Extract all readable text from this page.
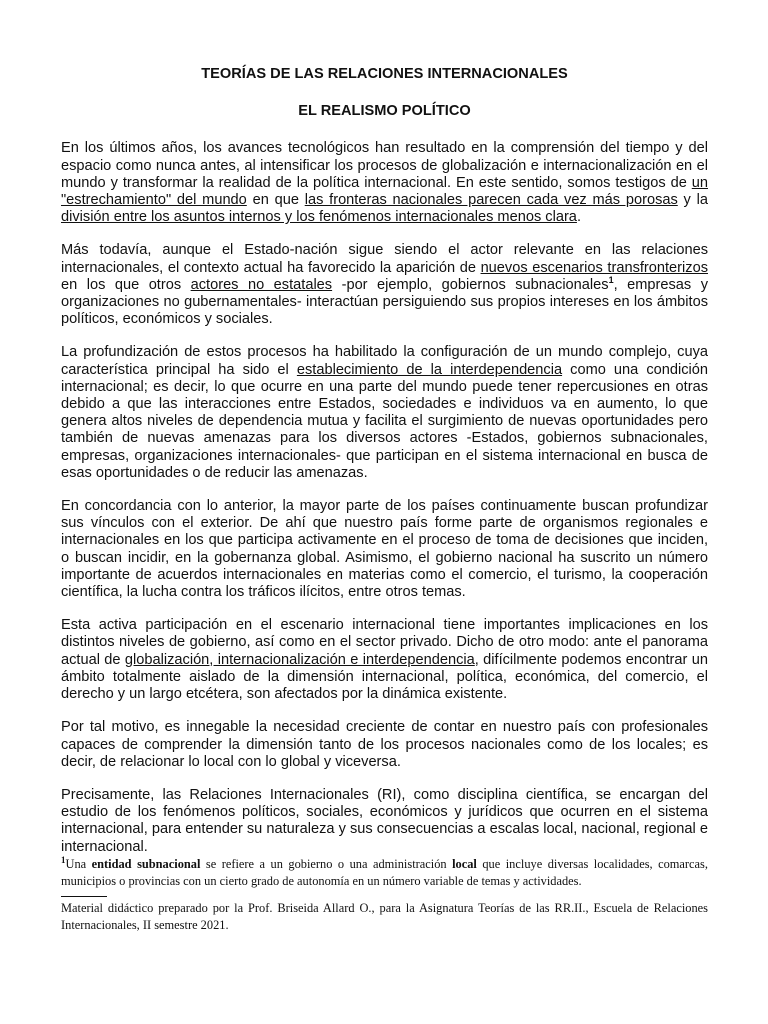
TEORÍAS DE LAS RELACIONES INTERNACIONALES
EL REALISMO POLÍTICO

En los últimos años, los avances tecnológicos han resultado en la comprensión del tiempo y del espacio como nunca antes, al intensificar los procesos de globalización e internacionalización en el mundo y transformar la realidad de la política internacional. En este sentido, somos testigos de un "estrechamiento" del mundo en que las fronteras nacionales parecen cada vez más porosas y la división entre los asuntos internos y los fenómenos internacionales menos clara.

Más todavía, aunque el Estado-nación sigue siendo el actor relevante en las relaciones internacionales, el contexto actual ha favorecido la aparición de nuevos escenarios transfronterizos en los que otros actores no estatales -por ejemplo, gobiernos subnacionales$^1$, empresas y organizaciones no gubernamentales- interactúan persiguiendo sus propios intereses en los ámbitos políticos, económicos y sociales.

La profundización de estos procesos ha habilitado la configuración de un mundo complejo, cuya característica principal ha sido el establecimiento de la interdependencia como una condición internacional; es decir, lo que ocurre en una parte del mundo puede tener repercusiones en otras debido a que las interacciones entre Estados, sociedades e individuos va en aumento, lo que genera altos niveles de dependencia mutua y facilita el surgimiento de nuevas oportunidades pero también de nuevas amenazas para los diversos actores -Estados, gobiernos subnacionales, empresas, organizaciones internacionales- que participan en el sistema internacional en busca de esas oportunidades o de reducir las amenazas.

En concordancia con lo anterior, la mayor parte de los países continuamente buscan profundizar sus vínculos con el exterior. De ahí que nuestro país forme parte de organismos regionales e internacionales en los que participa activamente en el proceso de toma de decisiones que inciden, o buscan incidir, en la gobernanza global. Asimismo, el gobierno nacional ha suscrito un número importante de acuerdos internacionales en materias como el comercio, el turismo, la cooperación científica, la lucha contra los tráficos ilícitos, entre otros temas.

Esta activa participación en el escenario internacional tiene importantes implicaciones en los distintos niveles de gobierno, así como en el sector privado. Dicho de otro modo: ante el panorama actual de globalización, internacionalización e interdependencia, difícilmente podemos encontrar un ámbito totalmente aislado de la dimensión internacional, política, económica, del comercio, el derecho y un largo etcétera, son afectados por la dinámica existente.

Por tal motivo, es innegable la necesidad creciente de contar en nuestro país con profesionales capaces de comprender la dimensión tanto de los procesos nacionales como de los locales; es decir, de relacionar lo local con lo global y viceversa.

Precisamente, las Relaciones Internacionales (RI), como disciplina científica, se encargan del estudio de los fenómenos políticos, sociales, económicos y jurídicos que ocurren en el sistema internacional, para entender su naturaleza y sus consecuencias a escalas local, nacional, regional e internacional.

$^1$Una entidad subnacional se refiere a un gobierno o una administración local que incluye diversas localidades, comarcas, municipios o provincias con un cierto grado de autonomía en un número variable de temas y actividades.

Material didáctico preparado por la Prof. Briseida Allard O., para la Asignatura Teorías de las RR.II., Escuela de Relaciones Internacionales, II semestre 2021.
